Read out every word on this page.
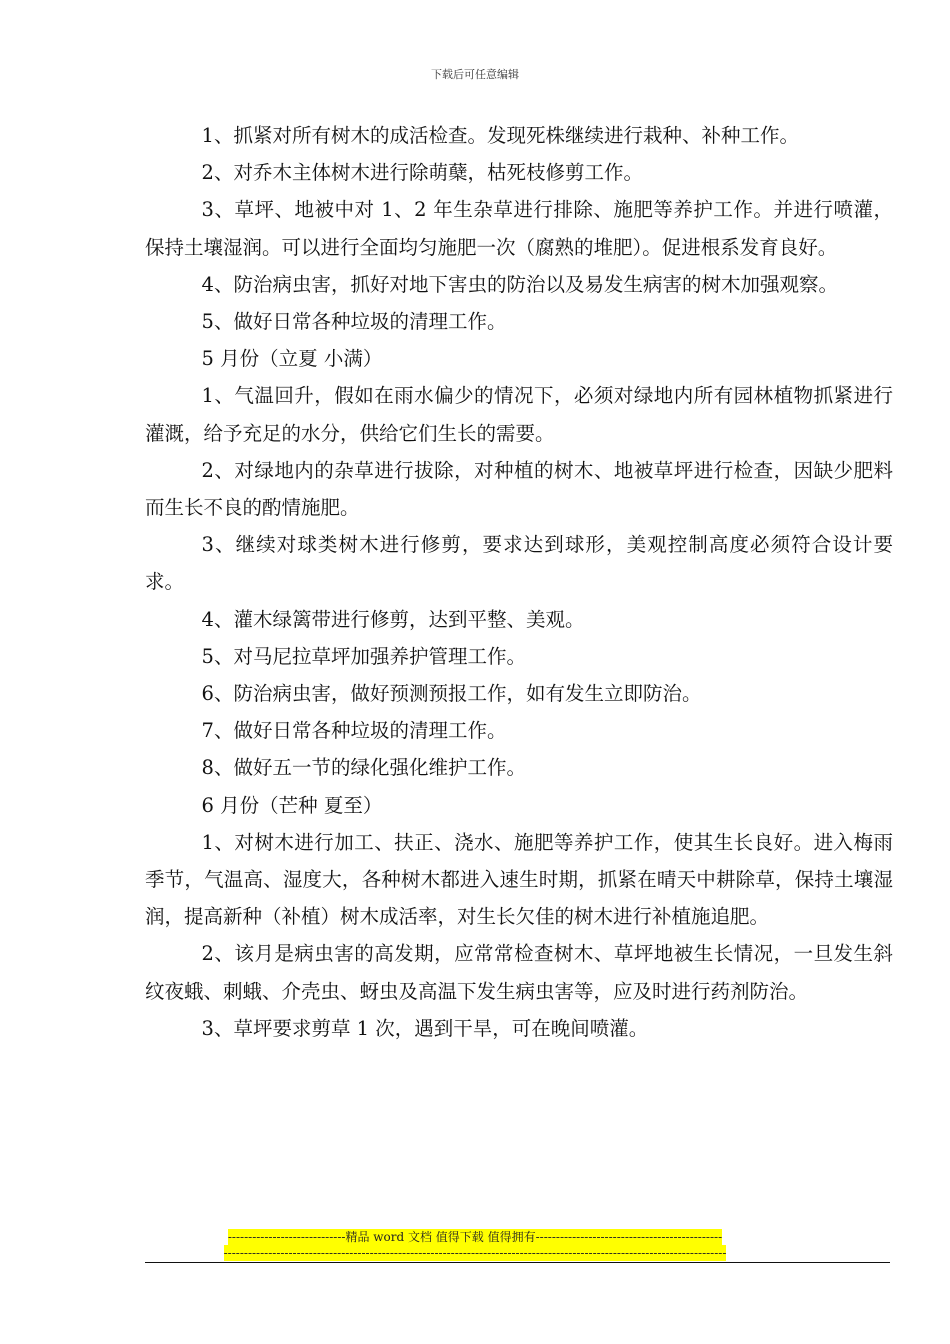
下载后可任意编辑

1、抓紧对所有树木的成活检查。发现死株继续进行栽种、补种工作。

2、对乔木主体树木进行除萌蘖，枯死枝修剪工作。

3、草坪、地被中对 1、2 年生杂草进行排除、施肥等养护工作。并进行喷灌，保持土壤湿润。可以进行全面均匀施肥一次（腐熟的堆肥）。促进根系发育良好。

4、防治病虫害，抓好对地下害虫的防治以及易发生病害的树木加强观察。

5、做好日常各种垃圾的清理工作。

5 月份（立夏 小满）

1、气温回升，假如在雨水偏少的情况下，必须对绿地内所有园林植物抓紧进行灌溉，给予充足的水分，供给它们生长的需要。

2、对绿地内的杂草进行拔除，对种植的树木、地被草坪进行检查，因缺少肥料而生长不良的酌情施肥。

3、继续对球类树木进行修剪，要求达到球形，美观控制高度必须符合设计要求。

4、灌木绿篱带进行修剪，达到平整、美观。

5、对马尼拉草坪加强养护管理工作。

6、防治病虫害，做好预测预报工作，如有发生立即防治。

7、做好日常各种垃圾的清理工作。

8、做好五一节的绿化强化维护工作。

6 月份（芒种 夏至）

1、对树木进行加工、扶正、浇水、施肥等养护工作，使其生长良好。进入梅雨季节，气温高、湿度大，各种树木都进入速生时期，抓紧在晴天中耕除草，保持土壤湿润，提高新种（补植）树木成活率，对生长欠佳的树木进行补植施追肥。

2、该月是病虫害的高发期，应常常检查树木、草坪地被生长情况，一旦发生斜纹夜蛾、刺蛾、介壳虫、蚜虫及高温下发生病虫害等，应及时进行药剂防治。

3、草坪要求剪草 1 次，遇到干旱，可在晚间喷灌。

-----------------------------精品 word 文档 值得下载 值得拥有----------------------------------------------
----------------------------------------------------------------------------------------------------------------------------
